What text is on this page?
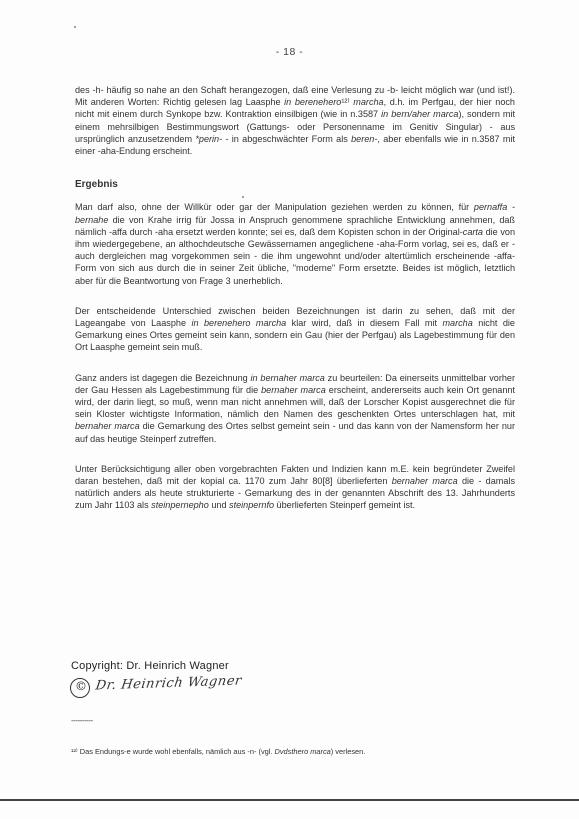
- 18 -

des -h- häufig so nahe an den Schaft herangezogen, daß eine Verlesung zu -b- leicht möglich war (und ist!). Mit anderen Worten: Richtig gelesen lag Laasphe in berenehero¹²⁾ marcha, d.h. im Perfgau, der hier noch nicht mit einem durch Synkope bzw. Kontraktion einsilbigen (wie in n.3587 in bern/aher marca), sondern mit einem mehrsilbigen Bestimmungswort (Gattungs- oder Personenname im Genitiv Singular) - aus ursprünglich anzusetzendem *perin- - in abgeschwächter Form als beren-, aber ebenfalls wie in n.3587 mit einer -aha-Endung erscheint.

Ergebnis

Man darf also, ohne der Willkür oder gar der Manipulation geziehen werden zu können, für pernaffa - bernahe die von Krahe irrig für Jossa in Anspruch genommene sprachliche Entwicklung annehmen, daß nämlich -affa durch -aha ersetzt werden konnte; sei es, daß dem Kopisten schon in der Original-carta die von ihm wiedergegebene, an althochdeutsche Gewässernamen angeglichene -aha-Form vorlag, sei es, daß er - auch dergleichen mag vorgekommen sein - die ihm ungewohnt und/oder altertümlich erscheinende -affa-Form von sich aus durch die in seiner Zeit übliche, "moderne" Form ersetzte. Beides ist möglich, letztlich aber für die Beantwortung von Frage 3 unerheblich.

Der entscheidende Unterschied zwischen beiden Bezeichnungen ist darin zu sehen, daß mit der Lageangabe von Laasphe in berenehero marcha klar wird, daß in diesem Fall mit marcha nicht die Gemarkung eines Ortes gemeint sein kann, sondern ein Gau (hier der Perfgau) als Lagebestimmung für den Ort Laasphe gemeint sein muß.

Ganz anders ist dagegen die Bezeichnung in bernaher marca zu beurteilen: Da einerseits unmittelbar vorher der Gau Hessen als Lagebestimmung für die bernaher marca erscheint, andererseits auch kein Ort genannt wird, der darin liegt, so muß, wenn man nicht annehmen will, daß der Lorscher Kopist ausgerechnet die für sein Kloster wichtigste Information, nämlich den Namen des geschenkten Ortes unterschlagen hat, mit bernaher marca die Gemarkung des Ortes selbst gemeint sein - und das kann von der Namensform her nur auf das heutige Steinperf zutreffen.

Unter Berücksichtigung aller oben vorgebrachten Fakten und Indizien kann m.E. kein begründeter Zweifel daran bestehen, daß mit der kopial ca. 1170 zum Jahr 80[8] überlieferten bernaher marca die - damals natürlich anders als heute strukturierte - Gemarkung des in der genannten Abschrift des 13. Jahrhunderts zum Jahr 1103 als steinpernepho und steinpernfo überlieferten Steinperf gemeint ist.

Copyright: Dr. Heinrich Wagner
© Dr. Heinrich Wagner
----------
¹²⁾ Das Endungs-e wurde wohl ebenfalls, nämlich aus -n- (vgl. Dvdsthero marca) verlesen.
